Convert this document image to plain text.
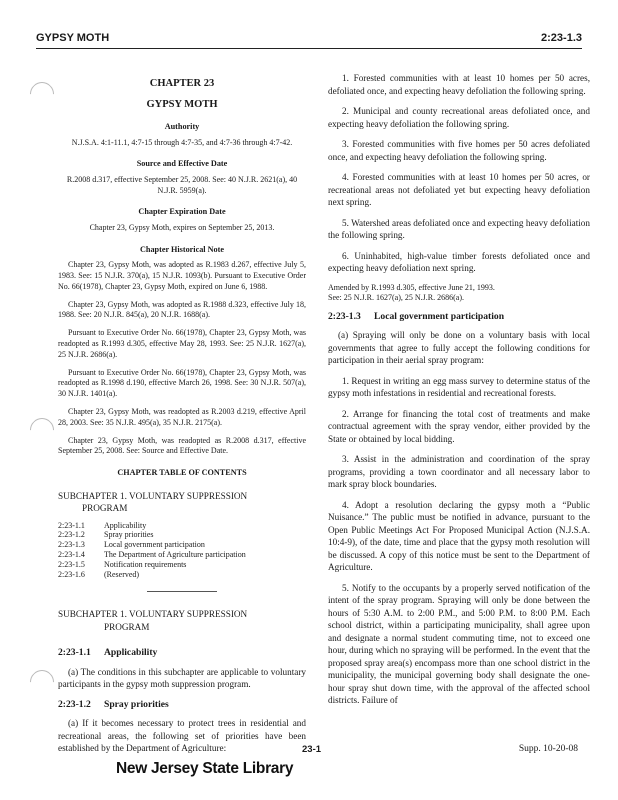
GYPSY MOTH	2:23-1.3
CHAPTER 23
GYPSY MOTH
Authority
N.J.S.A. 4:1-11.1, 4:7-15 through 4:7-35, and 4:7-36 through 4:7-42.
Source and Effective Date
R.2008 d.317, effective September 25, 2008. See: 40 N.J.R. 2621(a), 40 N.J.R. 5959(a).
Chapter Expiration Date
Chapter 23, Gypsy Moth, expires on September 25, 2013.
Chapter Historical Note
Chapter 23, Gypsy Moth, was adopted as R.1983 d.267, effective July 5, 1983. See: 15 N.J.R. 370(a), 15 N.J.R. 1093(b). Pursuant to Executive Order No. 66(1978), Chapter 23, Gypsy Moth, expired on June 6, 1988.
Chapter 23, Gypsy Moth, was adopted as R.1988 d.323, effective July 18, 1988. See: 20 N.J.R. 845(a), 20 N.J.R. 1688(a).
Pursuant to Executive Order No. 66(1978), Chapter 23, Gypsy Moth, was readopted as R.1993 d.305, effective May 28, 1993. See: 25 N.J.R. 1627(a), 25 N.J.R. 2686(a).
Pursuant to Executive Order No. 66(1978), Chapter 23, Gypsy Moth, was readopted as R.1998 d.190, effective March 26, 1998. See: 30 N.J.R. 507(a), 30 N.J.R. 1401(a).
Chapter 23, Gypsy Moth, was readopted as R.2003 d.219, effective April 28, 2003. See: 35 N.J.R. 495(a), 35 N.J.R. 2175(a).
Chapter 23, Gypsy Moth, was readopted as R.2008 d.317, effective September 25, 2008. See: Source and Effective Date.
CHAPTER TABLE OF CONTENTS
SUBCHAPTER 1. VOLUNTARY SUPPRESSION
PROGRAM
2:23-1.1	Applicability
2:23-1.2	Spray priorities
2:23-1.3	Local government participation
2:23-1.4	The Department of Agriculture participation
2:23-1.5	Notification requirements
2:23-1.6	(Reserved)
SUBCHAPTER 1. VOLUNTARY SUPPRESSION
PROGRAM
2:23-1.1 Applicability
(a) The conditions in this subchapter are applicable to voluntary participants in the gypsy moth suppression program.
2:23-1.2 Spray priorities
(a) If it becomes necessary to protect trees in residential and recreational areas, the following set of priorities have been established by the Department of Agriculture:
1. Forested communities with at least 10 homes per 50 acres, defoliated once, and expecting heavy defoliation the following spring.
2. Municipal and county recreational areas defoliated once, and expecting heavy defoliation the following spring.
3. Forested communities with five homes per 50 acres defoliated once, and expecting heavy defoliation the following spring.
4. Forested communities with at least 10 homes per 50 acres, or recreational areas not defoliated yet but expecting heavy defoliation next spring.
5. Watershed areas defoliated once and expecting heavy defoliation the following spring.
6. Uninhabited, high-value timber forests defoliated once and expecting heavy defoliation next spring.
Amended by R.1993 d.305, effective June 21, 1993.
See: 25 N.J.R. 1627(a), 25 N.J.R. 2686(a).
2:23-1.3 Local government participation
(a) Spraying will only be done on a voluntary basis with local governments that agree to fully accept the following conditions for participation in their aerial spray program:
1. Request in writing an egg mass survey to determine status of the gypsy moth infestations in residential and recreational forests.
2. Arrange for financing the total cost of treatments and make contractual agreement with the spray vendor, either provided by the State or obtained by local bidding.
3. Assist in the administration and coordination of the spray programs, providing a town coordinator and all necessary labor to mark spray block boundaries.
4. Adopt a resolution declaring the gypsy moth a “Public Nuisance.” The public must be notified in advance, pursuant to the Open Public Meetings Act For Proposed Municipal Action (N.J.S.A. 10:4-9), of the date, time and place that the gypsy moth resolution will be discussed. A copy of this notice must be sent to the Department of Agriculture.
5. Notify to the occupants by a properly served notification of the intent of the spray program. Spraying will only be done between the hours of 5:30 A.M. to 2:00 P.M., and 5:00 P.M. to 8:00 P.M. Each school district, within a participating municipality, shall agree upon and designate a normal student commuting time, not to exceed one hour, during which no spraying will be performed. In the event that the proposed spray area(s) encompass more than one school district in the municipality, the municipal governing body shall designate the one-hour spray shut down time, with the approval of the affected school districts. Failure of
23-1	Supp. 10-20-08
New Jersey State Library
